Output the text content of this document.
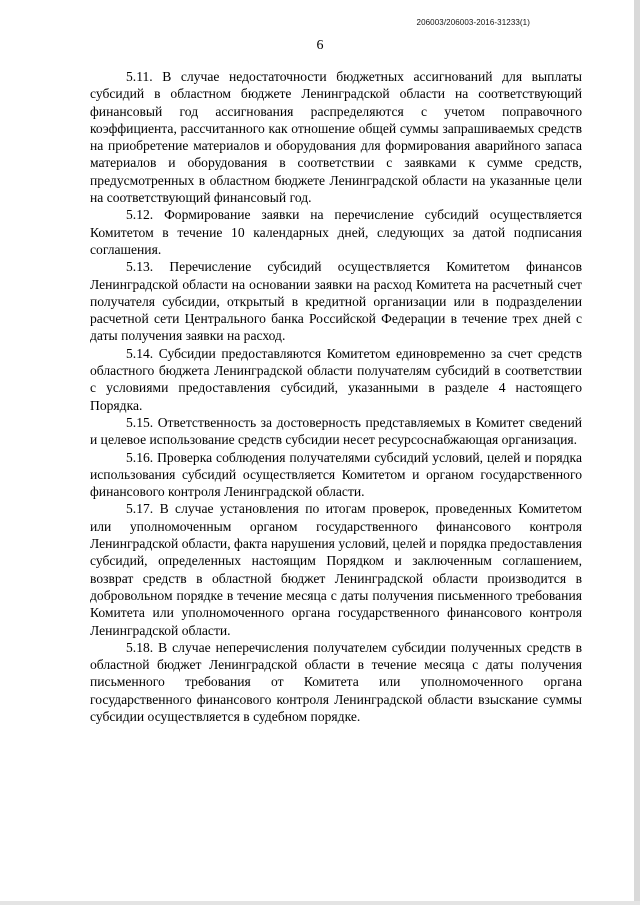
206003/206003-2016-31233(1)
6

5.11. В случае недостаточности бюджетных ассигнований для выплаты субсидий в областном бюджете Ленинградской области на соответствующий финансовый год ассигнования распределяются с учетом поправочного коэффициента, рассчитанного как отношение общей суммы запрашиваемых средств на приобретение материалов и оборудования для формирования аварийного запаса материалов и оборудования в соответствии с заявками к сумме средств, предусмотренных в областном бюджете Ленинградской области на указанные цели на соответствующий финансовый год.

5.12. Формирование заявки на перечисление субсидий осуществляется Комитетом в течение 10 календарных дней, следующих за датой подписания соглашения.

5.13. Перечисление субсидий осуществляется Комитетом финансов Ленинградской области на основании заявки на расход Комитета на расчетный счет получателя субсидии, открытый в кредитной организации или в подразделении расчетной сети Центрального банка Российской Федерации в течение трех дней с даты получения заявки на расход.

5.14. Субсидии предоставляются Комитетом единовременно за счет средств областного бюджета Ленинградской области получателям субсидий в соответствии с условиями предоставления субсидий, указанными в разделе 4 настоящего Порядка.

5.15. Ответственность за достоверность представляемых в Комитет сведений и целевое использование средств субсидии несет ресурсоснабжающая организация.

5.16. Проверка соблюдения получателями субсидий условий, целей и порядка использования субсидий осуществляется Комитетом и органом государственного финансового контроля Ленинградской области.

5.17. В случае установления по итогам проверок, проведенных Комитетом или уполномоченным органом государственного финансового контроля Ленинградской области, факта нарушения условий, целей и порядка предоставления субсидий, определенных настоящим Порядком и заключенным соглашением, возврат средств в областной бюджет Ленинградской области производится в добровольном порядке в течение месяца с даты получения письменного требования Комитета или уполномоченного органа государственного финансового контроля Ленинградской области.

5.18. В случае неперечисления получателем субсидии полученных средств в областной бюджет Ленинградской области в течение месяца с даты получения письменного требования от Комитета или уполномоченного органа государственного финансового контроля Ленинградской области взыскание суммы субсидии осуществляется в судебном порядке.
